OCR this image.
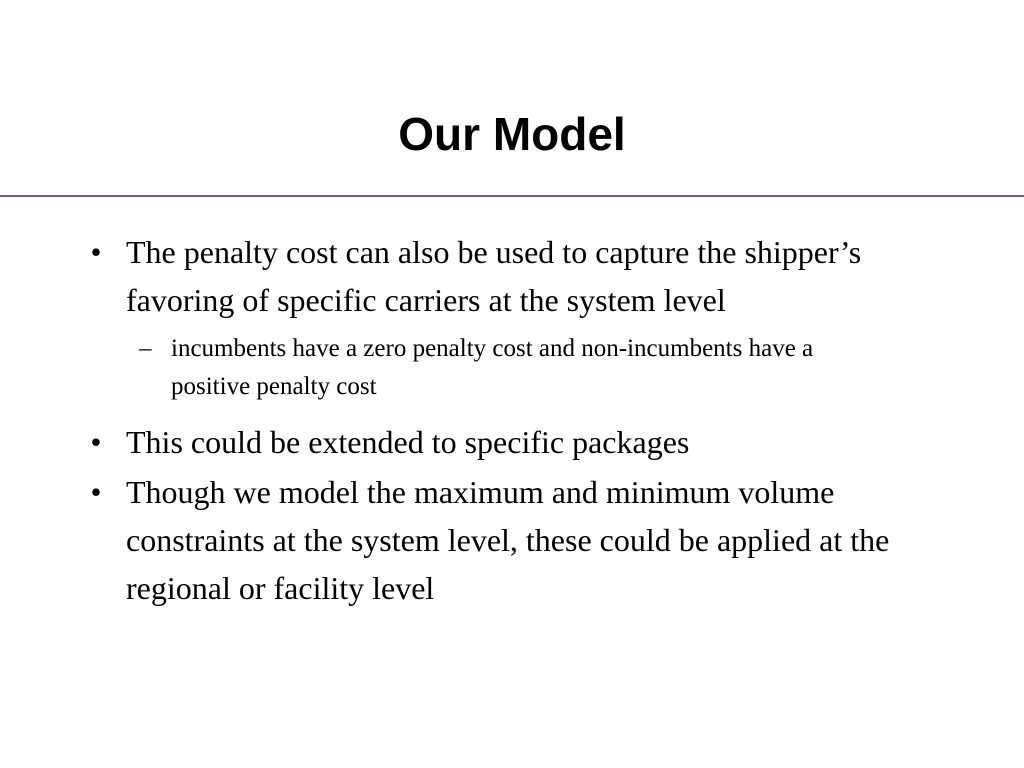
Our Model
• The penalty cost can also be used to capture the shipper’s favoring of specific carriers at the system level
– incumbents have a zero penalty cost and non-incumbents have a positive penalty cost
• This could be extended to specific packages
• Though we model the maximum and minimum volume constraints at the system level, these could be applied at the regional or facility level
